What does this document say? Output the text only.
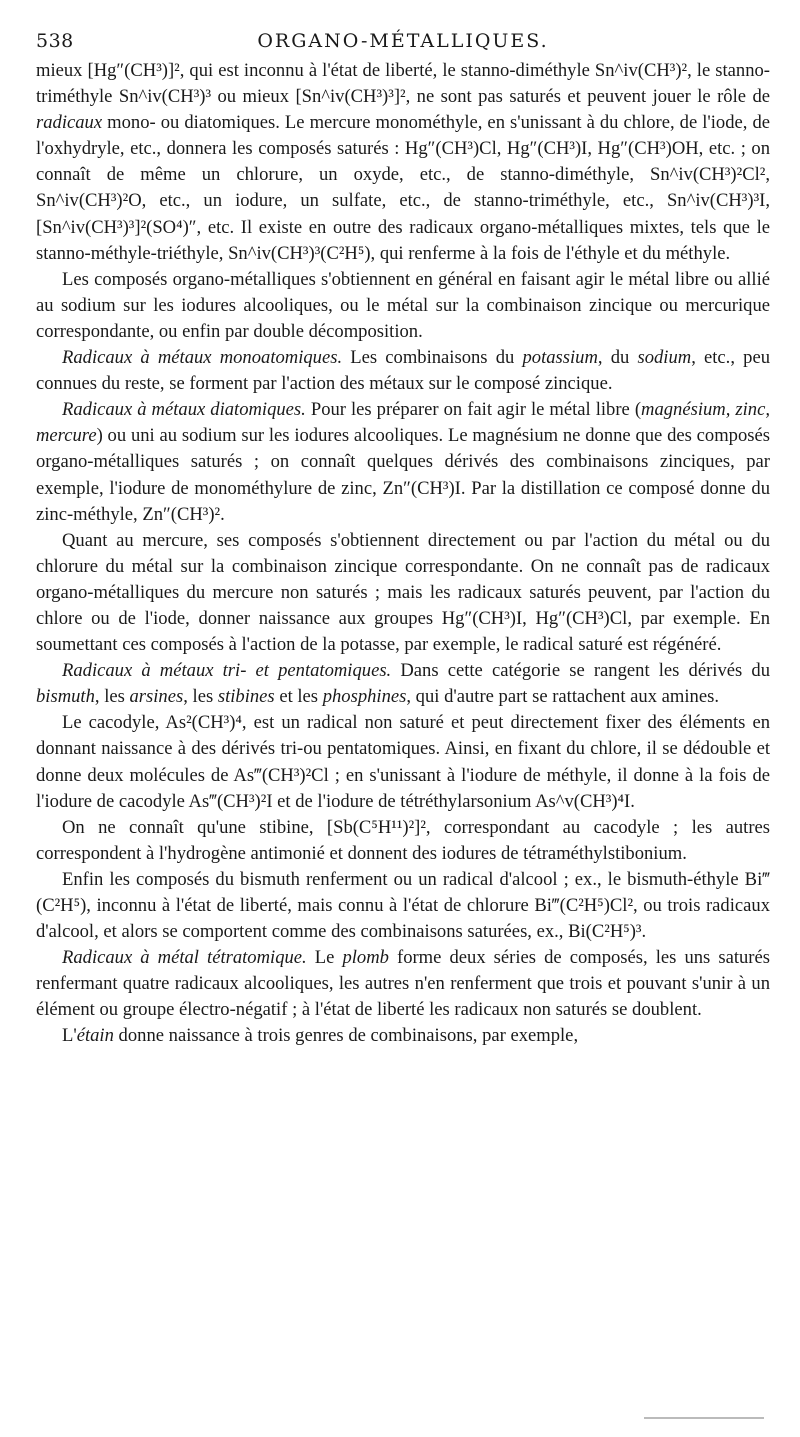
538	ORGANO-MÉTALLIQUES.

mieux [Hg″(CH³)]², qui est inconnu à l'état de liberté, le stanno-diméthyle Sn^iv(CH³)², le stanno-triméthyle Sn^iv(CH³)³ ou mieux [Sn^iv(CH³)³]², ne sont pas saturés et peuvent jouer le rôle de radicaux mono- ou diatomiques. Le mercure monométhyle, en s'unissant à du chlore, de l'iode, de l'oxhydryle, etc., donnera les composés saturés : Hg″(CH³)Cl, Hg″(CH³)I, Hg″(CH³)OH, etc. ; on connaît de même un chlorure, un oxyde, etc., de stanno-diméthyle, Sn^iv(CH³)²Cl², Sn^iv(CH³)²O, etc., un iodure, un sulfate, etc., de stanno-triméthyle, etc., Sn^iv(CH³)³I, [Sn^iv(CH³)³]²(SO⁴)″, etc. Il existe en outre des radicaux organo-métalliques mixtes, tels que le stanno-méthyle-triéthyle, Sn^iv(CH³)³(C²H⁵), qui renferme à la fois de l'éthyle et du méthyle.

Les composés organo-métalliques s'obtiennent en général en faisant agir le métal libre ou allié au sodium sur les iodures alcooliques, ou le métal sur la combinaison zincique ou mercurique correspondante, ou enfin par double décomposition.

Radicaux à métaux monoatomiques. Les combinaisons du potassium, du sodium, etc., peu connues du reste, se forment par l'action des métaux sur le composé zincique.

Radicaux à métaux diatomiques. Pour les préparer on fait agir le métal libre (magnésium, zinc, mercure) ou uni au sodium sur les iodures alcooliques. Le magnésium ne donne que des composés organo-métalliques saturés ; on connaît quelques dérivés des combinaisons zinciques, par exemple, l'iodure de monométhylure de zinc, Zn″(CH³)I. Par la distillation ce composé donne du zinc-méthyle, Zn″(CH³)².

Quant au mercure, ses composés s'obtiennent directement ou par l'action du métal ou du chlorure du métal sur la combinaison zincique correspondante. On ne connaît pas de radicaux organo-métalliques du mercure non saturés ; mais les radicaux saturés peuvent, par l'action du chlore ou de l'iode, donner naissance aux groupes Hg″(CH³)I, Hg″(CH³)Cl, par exemple. En soumettant ces composés à l'action de la potasse, par exemple, le radical saturé est régénéré.

Radicaux à métaux tri- et pentatomiques. Dans cette catégorie se rangent les dérivés du bismuth, les arsines, les stibines et les phosphines, qui d'autre part se rattachent aux amines.

Le cacodyle, As²(CH³)⁴, est un radical non saturé et peut directement fixer des éléments en donnant naissance à des dérivés tri-ou pentatomiques. Ainsi, en fixant du chlore, il se dédouble et donne deux molécules de As‴(CH³)²Cl ; en s'unissant à l'iodure de méthyle, il donne à la fois de l'iodure de cacodyle As‴(CH³)²I et de l'iodure de tétréthylarsonium As^v(CH³)⁴I.

On ne connaît qu'une stibine, [Sb(C⁵H¹¹)²]², correspondant au cacodyle ; les autres correspondent à l'hydrogène antimonié et donnent des iodures de tétraméthylstibonium.

Enfin les composés du bismuth renferment ou un radical d'alcool ; ex., le bismuth-éthyle Bi‴(C²H⁵), inconnu à l'état de liberté, mais connu à l'état de chlorure Bi‴(C²H⁵)Cl², ou trois radicaux d'alcool, et alors se comportent comme des combinaisons saturées, ex., Bi(C²H⁵)³.

Radicaux à métal tétratomique. Le plomb forme deux séries de composés, les uns saturés renfermant quatre radicaux alcooliques, les autres n'en renferment que trois et pouvant s'unir à un élément ou groupe électro-négatif ; à l'état de liberté les radicaux non saturés se doublent.

L'étain donne naissance à trois genres de combinaisons, par exemple,
